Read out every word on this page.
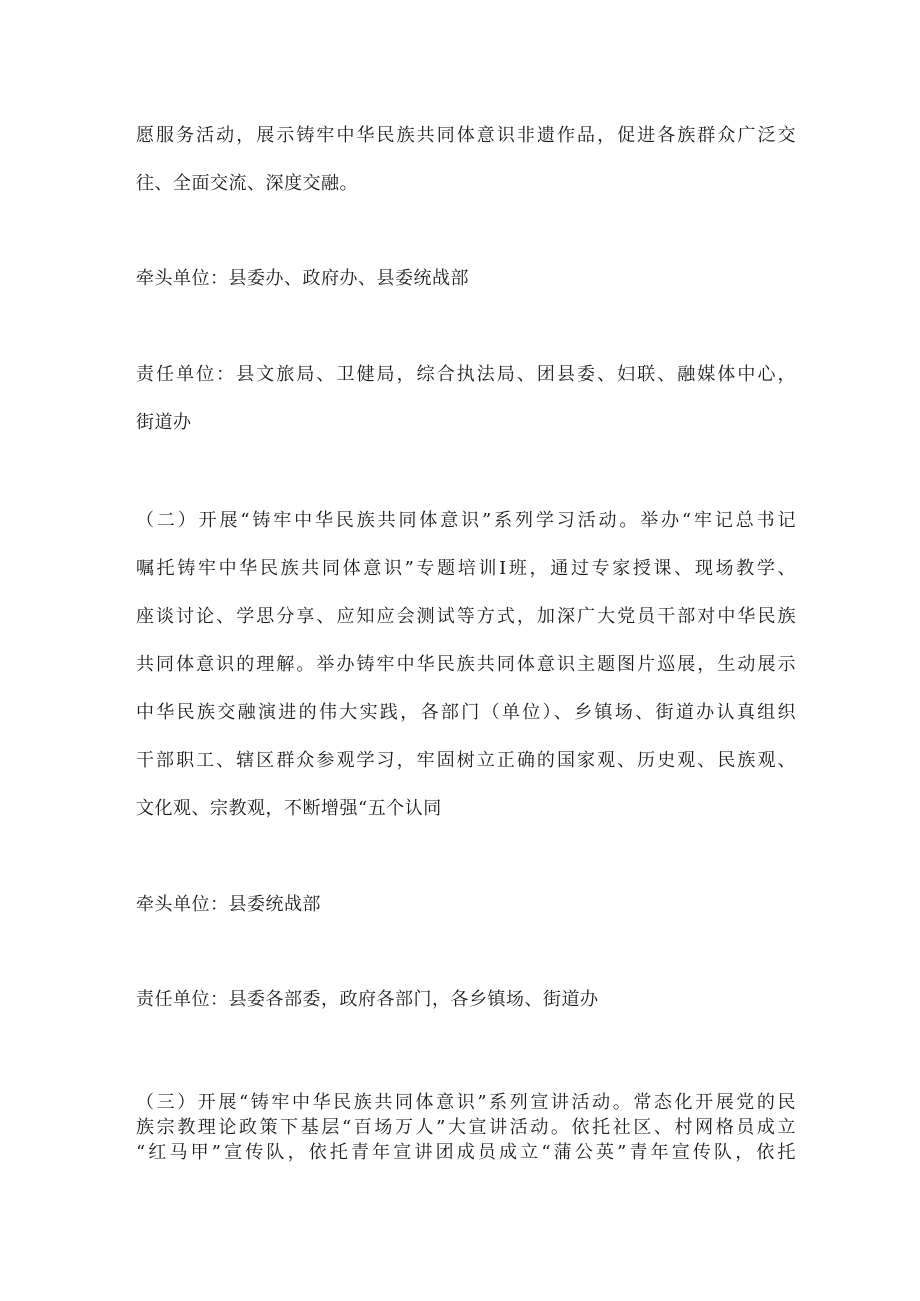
愿服务活动，展示铸牢中华民族共同体意识非遗作品，促进各族群众广泛交
往、全面交流、深度交融。
牵头单位：县委办、政府办、县委统战部
责任单位：县文旅局、卫健局，综合执法局、团县委、妇联、融媒体中心，
街道办
（二）开展“铸牢中华民族共同体意识”系列学习活动。举办“牢记总书记
嘱托铸牢中华民族共同体意识”专题培训I班，通过专家授课、现场教学、
座谈讨论、学思分享、应知应会测试等方式，加深广大党员干部对中华民族
共同体意识的理解。举办铸牢中华民族共同体意识主题图片巡展，生动展示
中华民族交融演进的伟大实践，各部门（单位）、乡镇场、街道办认真组织
干部职工、辖区群众参观学习，牢固树立正确的国家观、历史观、民族观、
文化观、宗教观，不断增强“五个认同
牵头单位：县委统战部
责任单位：县委各部委，政府各部门，各乡镇场、街道办
（三）开展“铸牢中华民族共同体意识”系列宣讲活动。常态化开展党的民
族宗教理论政策下基层“百场万人”大宣讲活动。依托社区、村网格员成立
“红马甲”宣传队，依托青年宣讲团成员成立“蒲公英”青年宣传队，依托
